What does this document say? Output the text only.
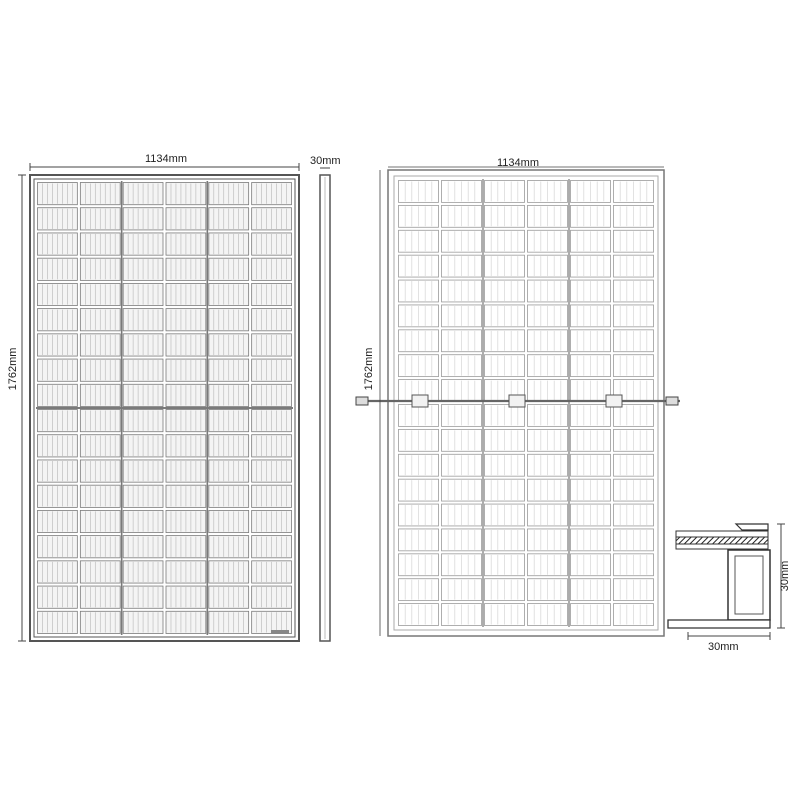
1134mm
1762mm
30mm	1134mm
1762mm
30mm
30mm
